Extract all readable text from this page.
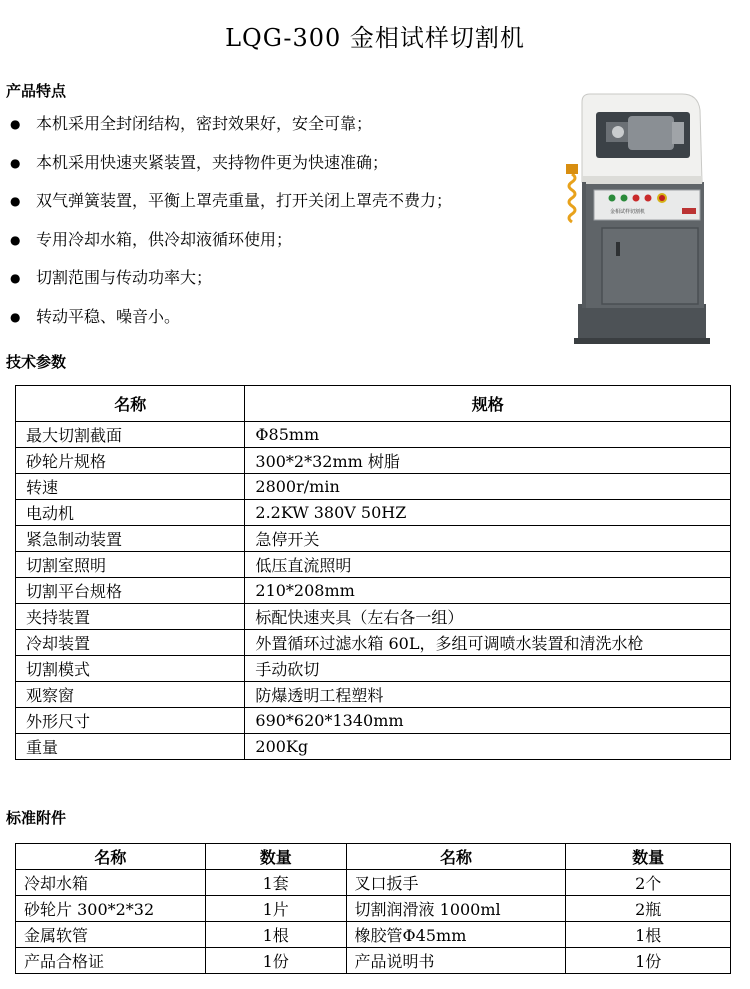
LQG-300 金相试样切割机
产品特点
● 本机采用全封闭结构，密封效果好，安全可靠；
● 本机采用快速夹紧装置，夹持物件更为快速准确；
● 双气弹簧装置，平衡上罩壳重量，打开关闭上罩壳不费力；
● 专用冷却水箱，供冷却液循环使用；
● 切割范围与传动功率大；
● 转动平稳、噪音小。
金相试样切割机
技术参数
名称	规格
最大切割截面	Φ85mm
砂轮片规格	300*2*32mm 树脂
转速	2800r/min
电动机	2.2KW 380V 50HZ
紧急制动装置	急停开关
切割室照明	低压直流照明
切割平台规格	210*208mm
夹持装置	标配快速夹具（左右各一组）
冷却装置	外置循环过滤水箱 60L，多组可调喷水装置和清洗水枪
切割模式	手动砍切
观察窗	防爆透明工程塑料
外形尺寸	690*620*1340mm
重量	200Kg
标准附件
名称	数量	名称	数量
冷却水箱	1套	叉口扳手	2个
砂轮片 300*2*32	1片	切割润滑液 1000ml	2瓶
金属软管	1根	橡胶管Φ45mm	1根
产品合格证	1份	产品说明书	1份
